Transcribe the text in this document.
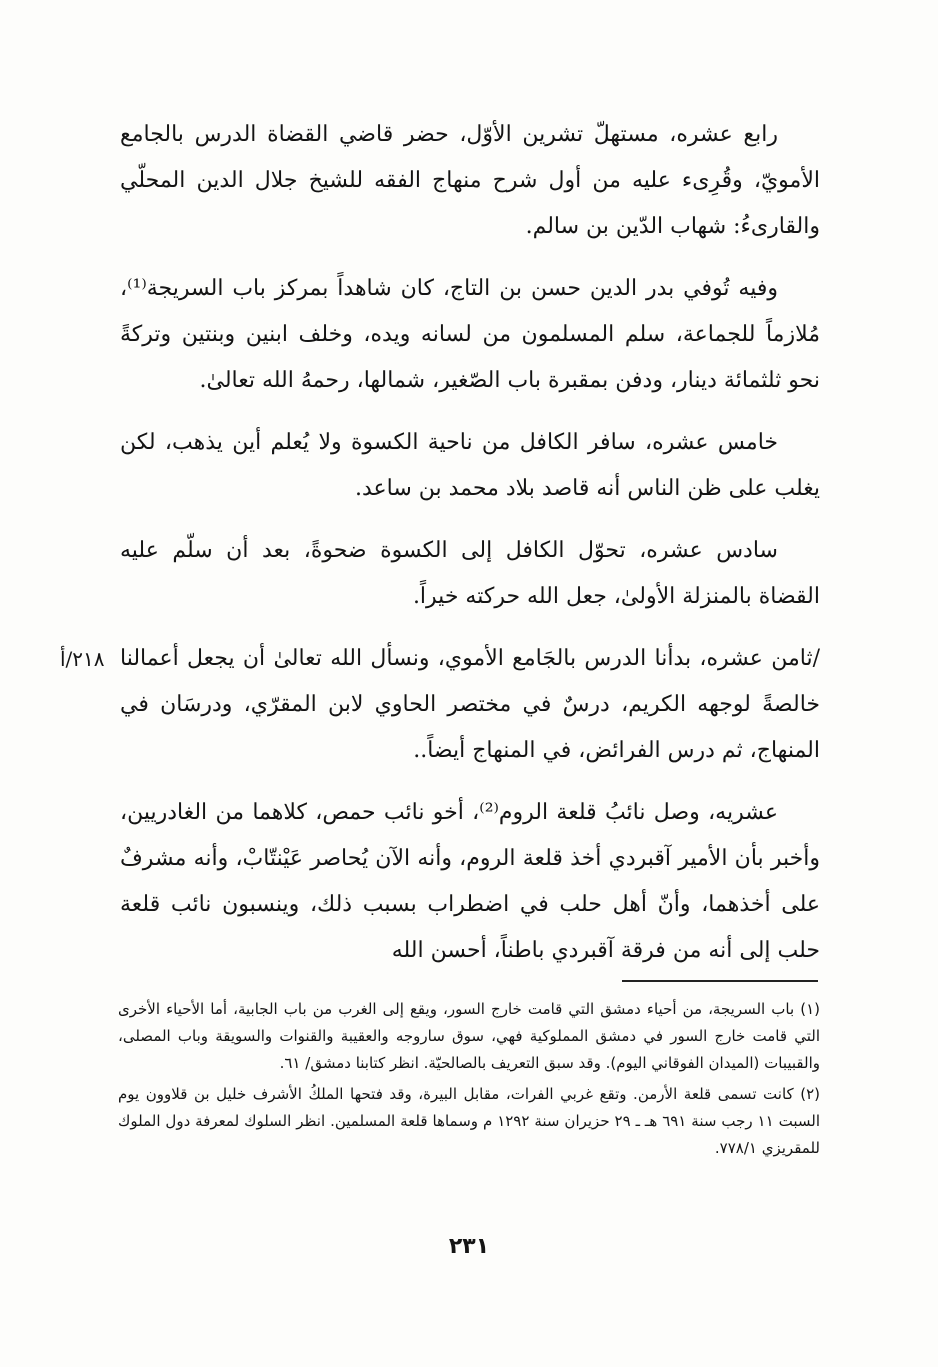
رابع عشره، مستهلّ تشرين الأوّل، حضر قاضي القضاة الدرس بالجامع الأمويّ، وقُرِىء عليه من أول شرح منهاج الفقه للشيخ جلال الدين المحلّي والقارىءُ: شهاب الدّين بن سالم.

وفيه تُوفي بدر الدين حسن بن التاج، كان شاهداً بمركز باب السريجة⁽¹⁾، مُلازماً للجماعة، سلم المسلمون من لسانه ويده، وخلف ابنين وبنتين وتركةً نحو ثلثمائة دينار، ودفن بمقبرة باب الصّغير، شمالها، رحمهُ الله تعالىٰ.

خامس عشره، سافر الكافل من ناحية الكسوة ولا يُعلم أين يذهب، لكن يغلب على ظن الناس أنه قاصد بلاد محمد بن ساعد.

سادس عشره، تحوّل الكافل إلى الكسوة ضحوةً، بعد أن سلّم عليه القضاة بالمنزلة الأولىٰ، جعل الله حركته خيراً.

/ثامن عشره، بدأنا الدرس بالجَامع الأموي، ونسأل الله تعالىٰ أن يجعل أعمالنا خالصةً لوجهه الكريم، درسٌ في مختصر الحاوي لابن المقرّي، ودرسَان في المنهاج، ثم درس الفرائض، في المنهاج أيضاً..
٢١٨/أ

عشريه، وصل نائبُ قلعة الروم⁽²⁾، أخو نائب حمص، كلاهما من الغادريين، وأخبر بأن الأمير آقبردي أخذ قلعة الروم، وأنه الآن يُحاصر عَيْنتّابْ، وأنه مشرفٌ على أخذهما، وأنّ أهل حلب في اضطراب بسبب ذلك، وينسبون نائب قلعة حلب إلى أنه من فرقة آقبردي باطناً، أحسن الله

(١) باب السريجة، من أحياء دمشق التي قامت خارج السور، ويقع إلى الغرب من باب الجابية، أما الأحياء الأخرى التي قامت خارج السور في دمشق المملوكية فهي، سوق ساروجه والعقيبة والقنوات والسويقة وباب المصلى، والقبيبات (الميدان الفوقاني اليوم). وقد سبق التعريف بالصالحيّة. انظر كتابنا دمشق/ ٦١.

(٢) كانت تسمى قلعة الأرمن. وتقع غربي الفرات، مقابل البيرة، وقد فتحها الملكُ الأشرف خليل بن قلاوون يوم السبت ١١ رجب سنة ٦٩١ هـ ـ ٢٩ حزيران سنة ١٢٩٢ م وسماها قلعة المسلمين. انظر السلوك لمعرفة دول الملوك للمقريزي ٧٧٨/١.

٢٣١
